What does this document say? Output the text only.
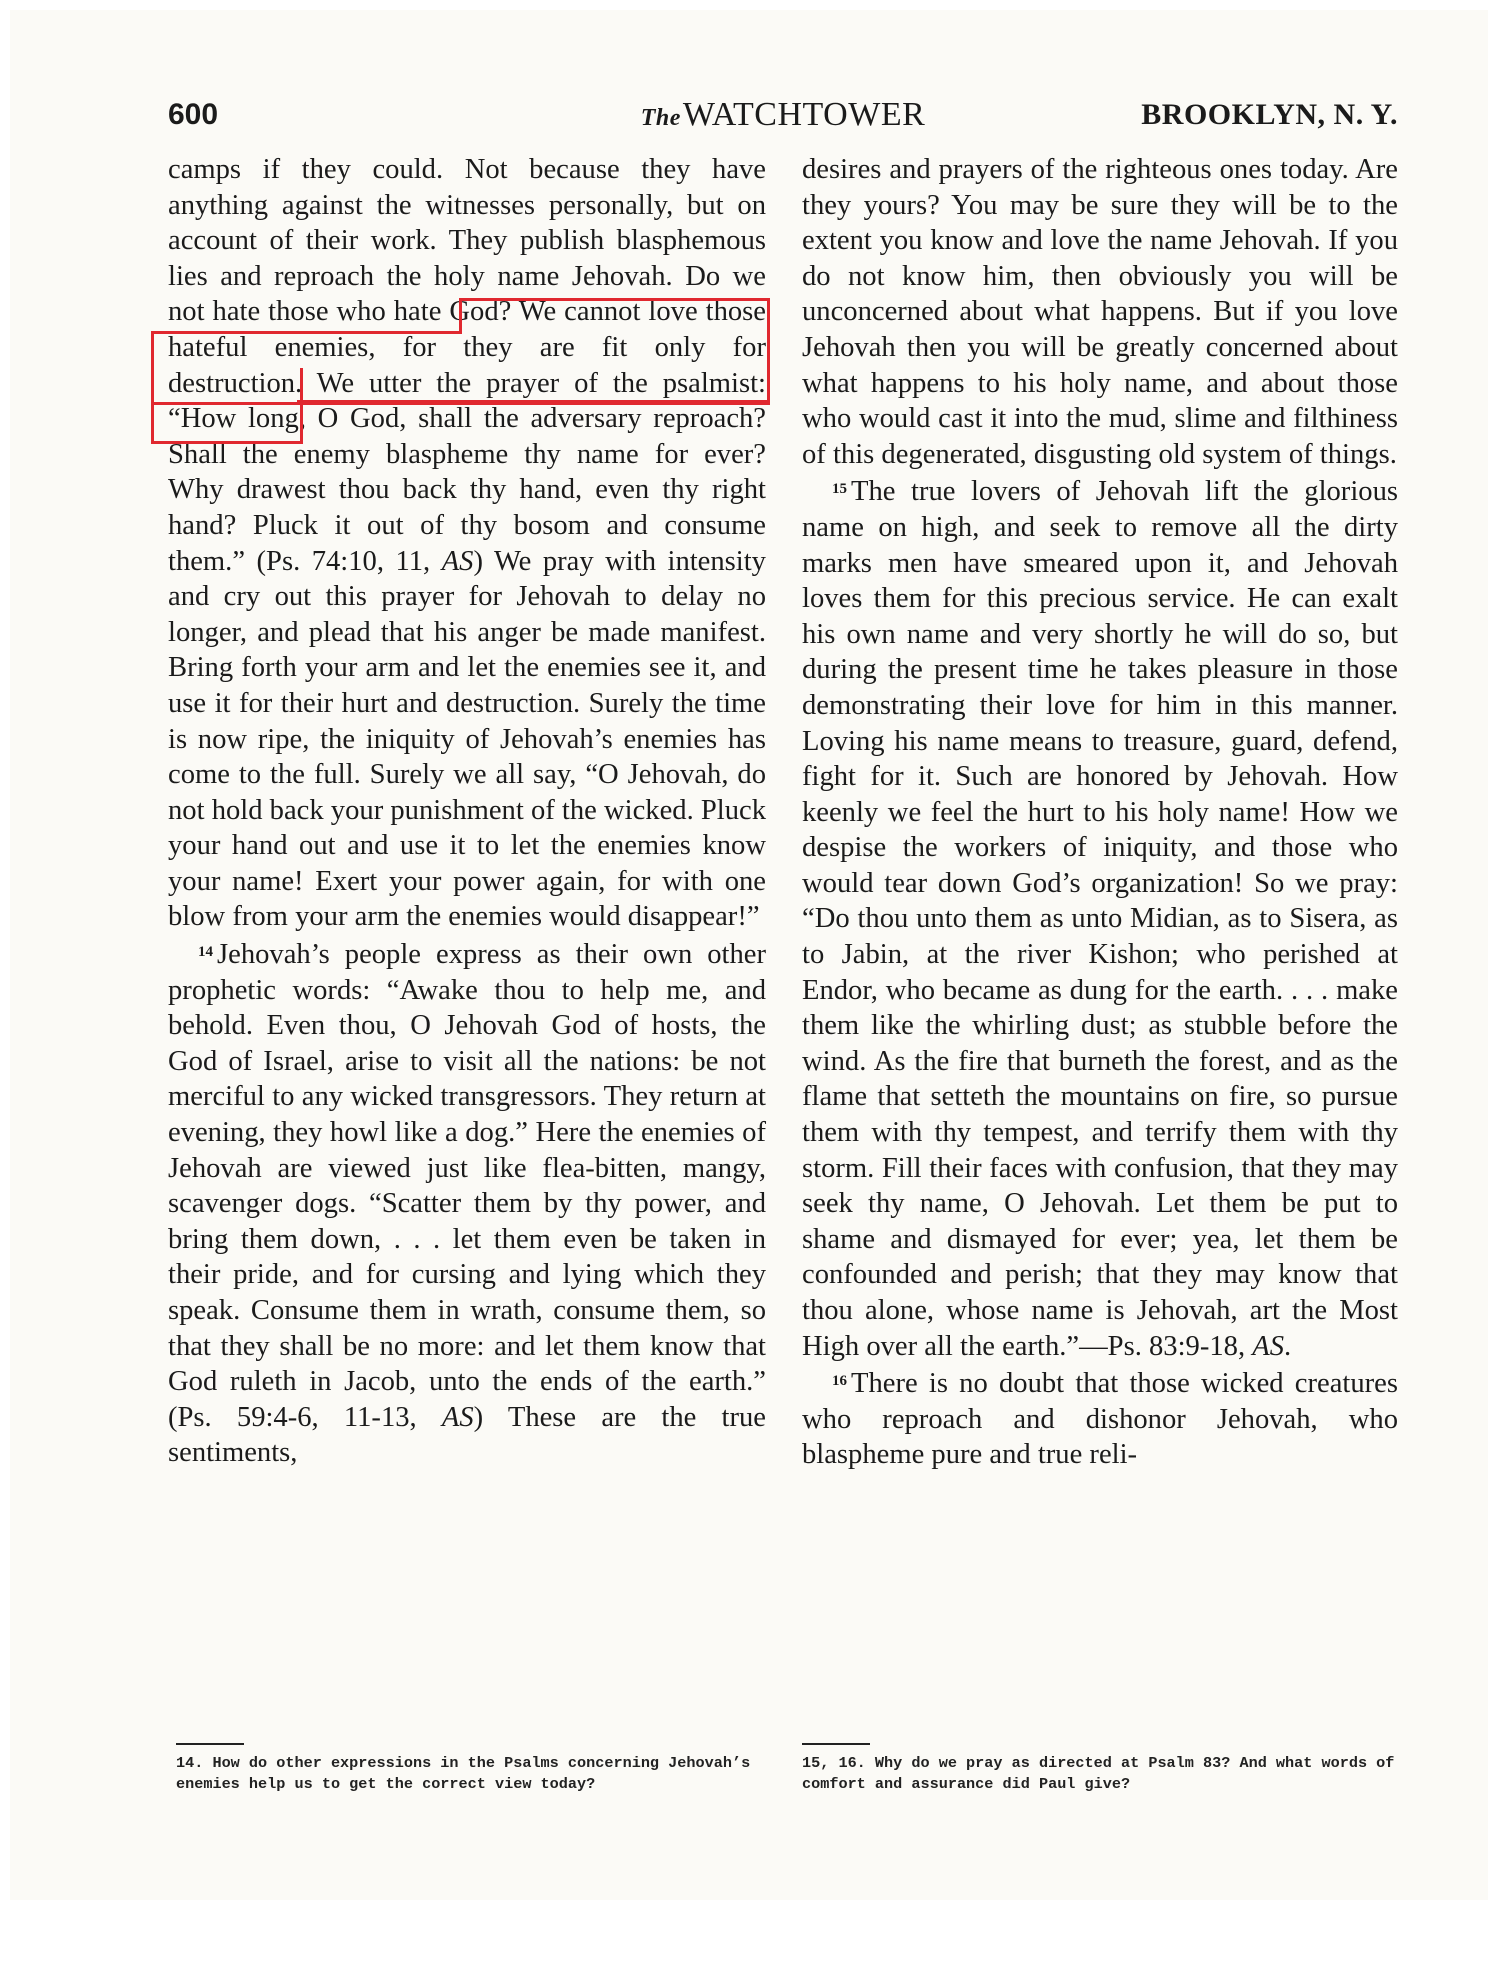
600	TheWATCHTOWER	BROOKLYN, N. Y.

camps if they could. Not because they have anything against the witnesses personally, but on account of their work. They publish blasphemous lies and reproach the holy name Jehovah. Do we not hate those who hate God? We cannot love those hateful enemies, for they are fit only for destruction. We utter the prayer of the psalmist: “How long, O God, shall the adversary reproach? Shall the enemy blaspheme thy name for ever? Why drawest thou back thy hand, even thy right hand? Pluck it out of thy bosom and consume them.” (Ps. 74:10, 11, AS) We pray with intensity and cry out this prayer for Jehovah to delay no longer, and plead that his anger be made manifest. Bring forth your arm and let the enemies see it, and use it for their hurt and destruction. Surely the time is now ripe, the iniquity of Jehovah’s enemies has come to the full. Surely we all say, “O Jehovah, do not hold back your punishment of the wicked. Pluck your hand out and use it to let the enemies know your name! Exert your power again, for with one blow from your arm the enemies would disappear!”

$^{14}$ Jehovah’s people express as their own other prophetic words: “Awake thou to help me, and behold. Even thou, O Jehovah God of hosts, the God of Israel, arise to visit all the nations: be not merciful to any wicked transgressors. They return at evening, they howl like a dog.” Here the enemies of Jehovah are viewed just like flea-bitten, mangy, scavenger dogs. “Scatter them by thy power, and bring them down, . . . let them even be taken in their pride, and for cursing and lying which they speak. Consume them in wrath, consume them, so that they shall be no more: and let them know that God ruleth in Jacob, unto the ends of the earth.” (Ps. 59:4-6, 11-13, AS) These are the true sentiments,

desires and prayers of the righteous ones today. Are they yours? You may be sure they will be to the extent you know and love the name Jehovah. If you do not know him, then obviously you will be unconcerned about what happens. But if you love Jehovah then you will be greatly concerned about what happens to his holy name, and about those who would cast it into the mud, slime and filthiness of this degenerated, disgusting old system of things.

$^{15}$ The true lovers of Jehovah lift the glorious name on high, and seek to remove all the dirty marks men have smeared upon it, and Jehovah loves them for this precious service. He can exalt his own name and very shortly he will do so, but during the present time he takes pleasure in those demonstrating their love for him in this manner. Loving his name means to treasure, guard, defend, fight for it. Such are honored by Jehovah. How keenly we feel the hurt to his holy name! How we despise the workers of iniquity, and those who would tear down God’s organization! So we pray: “Do thou unto them as unto Midian, as to Sisera, as to Jabin, at the river Kishon; who perished at Endor, who became as dung for the earth. . . . make them like the whirling dust; as stubble before the wind. As the fire that burneth the forest, and as the flame that setteth the mountains on fire, so pursue them with thy tempest, and terrify them with thy storm. Fill their faces with confusion, that they may seek thy name, O Jehovah. Let them be put to shame and dismayed for ever; yea, let them be confounded and perish; that they may know that thou alone, whose name is Jehovah, art the Most High over all the earth.”—Ps. 83:9-18, AS.

$^{16}$ There is no doubt that those wicked creatures who reproach and dishonor Jehovah, who blaspheme pure and true reli-

14. How do other expressions in the Psalms concerning Jehovah’s enemies help us to get the correct view today?
15, 16. Why do we pray as directed at Psalm 83? And what words of comfort and assurance did Paul give?
